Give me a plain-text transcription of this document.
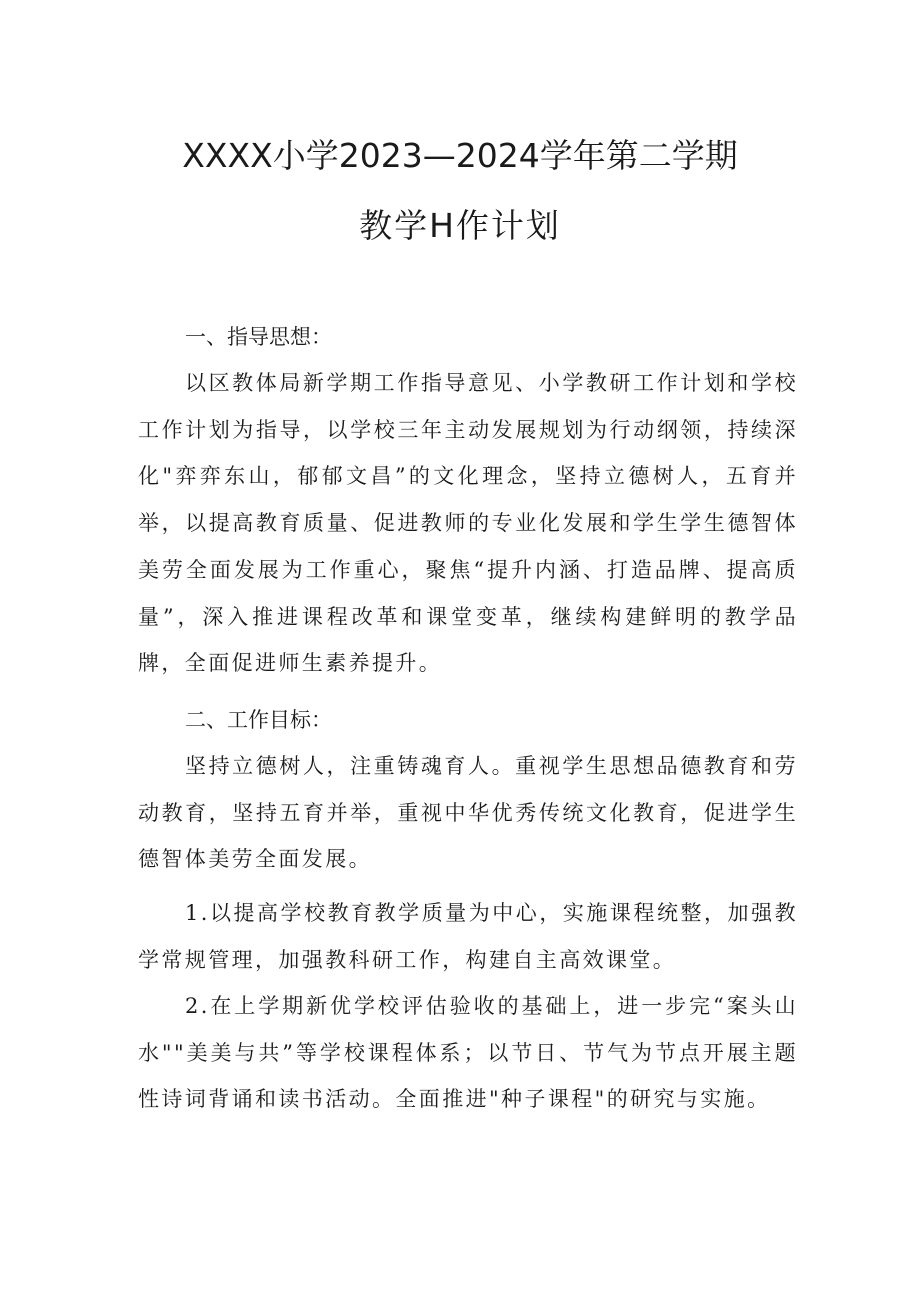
XXXX小学2023—2024学年第二学期
教学H作计划
一、指导思想：

以区教体局新学期工作指导意见、小学教研工作计划和学校工作计划为指导，以学校三年主动发展规划为行动纲领，持续深化"弈弈东山，郁郁文昌”的文化理念，坚持立德树人，五育并举，以提高教育质量、促进教师的专业化发展和学生学生德智体美劳全面发展为工作重心，聚焦“提升内涵、打造品牌、提高质量”，深入推进课程改革和课堂变革，继续构建鲜明的教学品牌，全面促进师生素养提升。

二、工作目标：

坚持立德树人，注重铸魂育人。重视学生思想品德教育和劳动教育，坚持五育并举，重视中华优秀传统文化教育，促进学生德智体美劳全面发展。

1.以提高学校教育教学质量为中心，实施课程统整，加强教学常规管理，加强教科研工作，构建自主高效课堂。

2.在上学期新优学校评估验收的基础上，进一步完“案头山水""美美与共”等学校课程体系；以节日、节气为节点开展主题性诗词背诵和读书活动。全面推进"种子课程"的研究与实施。
